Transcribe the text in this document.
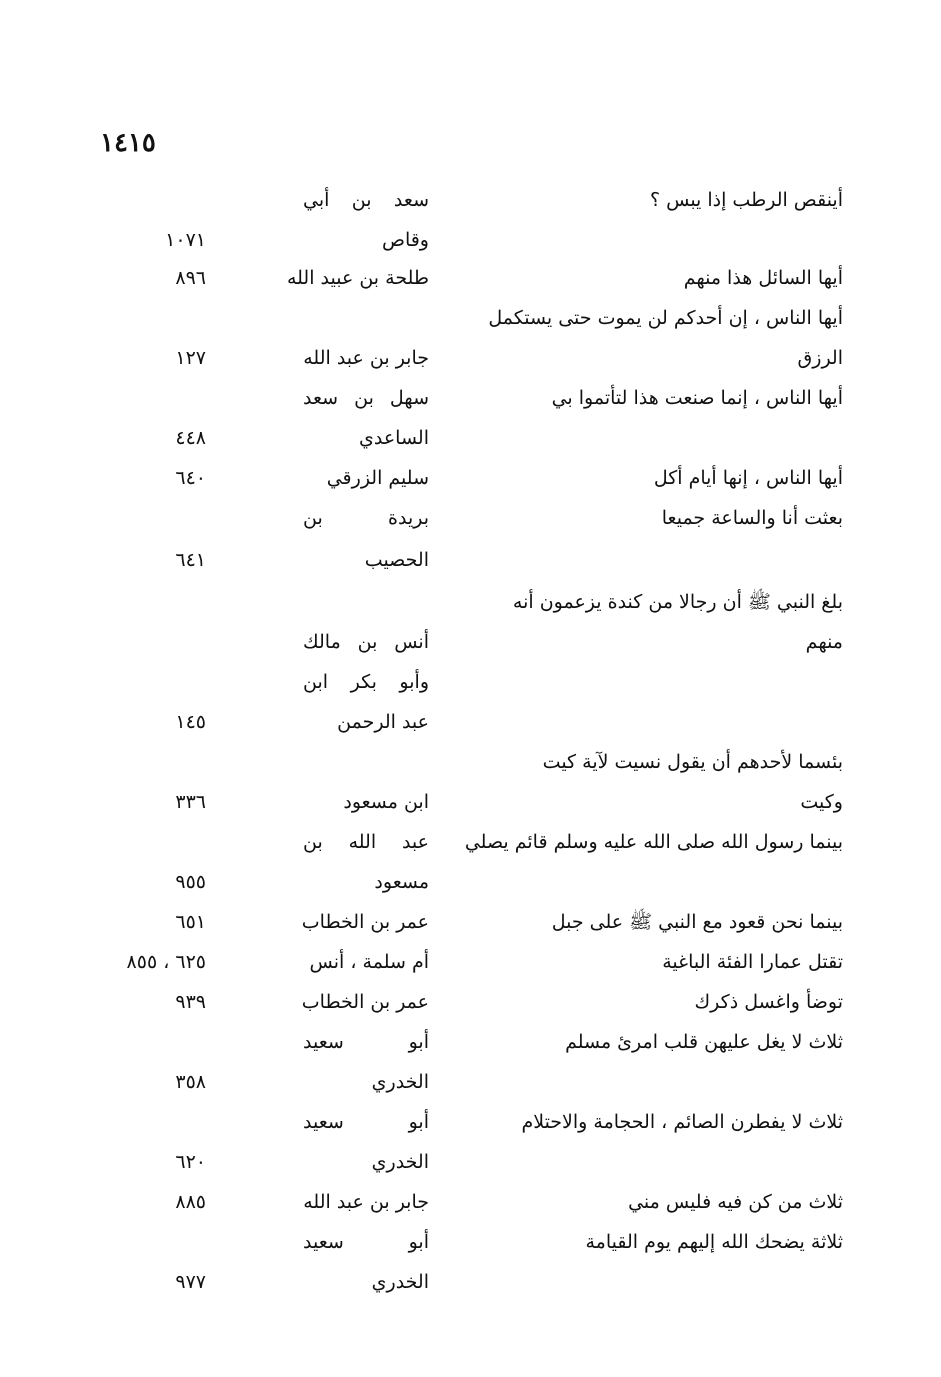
١٤١٥
أينقص الرطب إذا يبس ؟
سعد بن أبي
وقاص
١٠٧١
أيها السائل هذا منهم
طلحة بن عبيد الله
٨٩٦
أيها الناس ، إن أحدكم لن يموت حتى يستكمل
الرزق
جابر بن عبد الله
١٢٧
أيها الناس ، إنما صنعت هذا لتأتموا بي
سهل بن سعد
الساعدي
٤٤٨
أيها الناس ، إنها أيام أكل
سليم الزرقي
٦٤٠
بعثت أنا والساعة جميعا
بريدة بن
الحصيب
٦٤١
بلغ النبي ﷺ أن رجالا من كندة يزعمون أنه
منهم
أنس بن مالك
وأبو بكر ابن
عبد الرحمن
١٤٥
بئسما لأحدهم أن يقول نسيت لآية كيت
وكيت
ابن مسعود
٣٣٦
بينما رسول الله صلى الله عليه وسلم قائم يصلي
عبد الله بن
مسعود
٩٥٥
بينما نحن قعود مع النبي ﷺ على جبل
عمر بن الخطاب
٦٥١
تقتل عمارا الفئة الباغية
أم سلمة ، أنس
٦٢٥ ، ٨٥٥
توضأ واغسل ذكرك
عمر بن الخطاب
٩٣٩
ثلاث لا يغل عليهن قلب امرئ مسلم
أبو سعيد
الخدري
٣٥٨
ثلاث لا يفطرن الصائم ، الحجامة والاحتلام
أبو سعيد
الخدري
٦٢٠
ثلاث من كن فيه فليس مني
جابر بن عبد الله
٨٨٥
ثلاثة يضحك الله إليهم يوم القيامة
أبو سعيد
الخدري
٩٧٧
